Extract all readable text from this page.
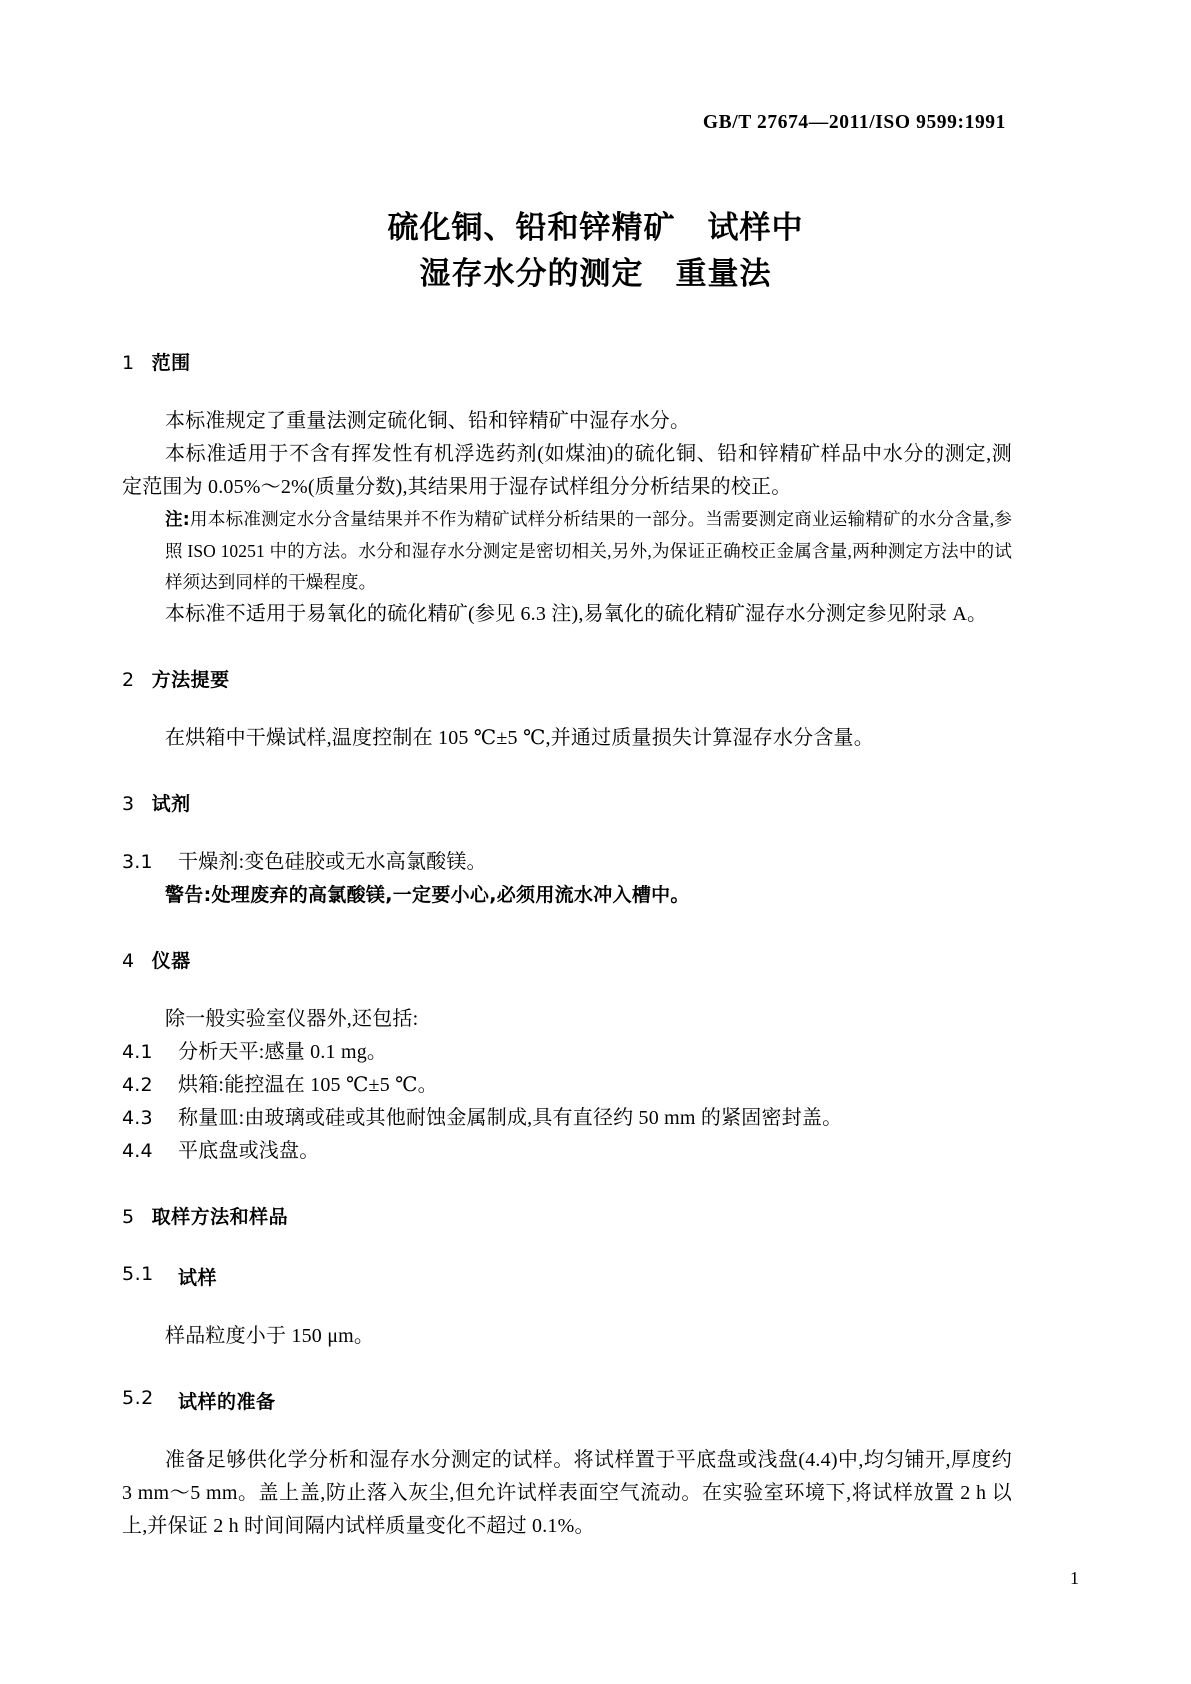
GB/T 27674—2011/ISO 9599:1991
硫化铜、铅和锌精矿　试样中
湿存水分的测定　重量法
1 范围

本标准规定了重量法测定硫化铜、铅和锌精矿中湿存水分。

本标准适用于不含有挥发性有机浮选药剂(如煤油)的硫化铜、铅和锌精矿样品中水分的测定,测定范围为 0.05%～2%(质量分数),其结果用于湿存试样组分分析结果的校正。

注:用本标准测定水分含量结果并不作为精矿试样分析结果的一部分。当需要测定商业运输精矿的水分含量,参照 ISO 10251 中的方法。水分和湿存水分测定是密切相关,另外,为保证正确校正金属含量,两种测定方法中的试样须达到同样的干燥程度。

本标准不适用于易氧化的硫化精矿(参见 6.3 注),易氧化的硫化精矿湿存水分测定参见附录 A。

2 方法提要

在烘箱中干燥试样,温度控制在 105 ℃±5 ℃,并通过质量损失计算湿存水分含量。

3 试剂
3.1	干燥剂:变色硅胶或无水高氯酸镁。

警告:处理废弃的高氯酸镁,一定要小心,必须用流水冲入槽中。

4 仪器

除一般实验室仪器外,还包括:

4.1	分析天平:感量 0.1 mg。
4.2	烘箱:能控温在 105 ℃±5 ℃。
4.3	称量皿:由玻璃或硅或其他耐蚀金属制成,具有直径约 50 mm 的紧固密封盖。
4.4	平底盘或浅盘。
5 取样方法和样品
5.1	试样

样品粒度小于 150 μm。

5.2	试样的准备

准备足够供化学分析和湿存水分测定的试样。将试样置于平底盘或浅盘(4.4)中,均匀铺开,厚度约 3 mm～5 mm。盖上盖,防止落入灰尘,但允许试样表面空气流动。在实验室环境下,将试样放置 2 h 以上,并保证 2 h 时间间隔内试样质量变化不超过 0.1%。

1
